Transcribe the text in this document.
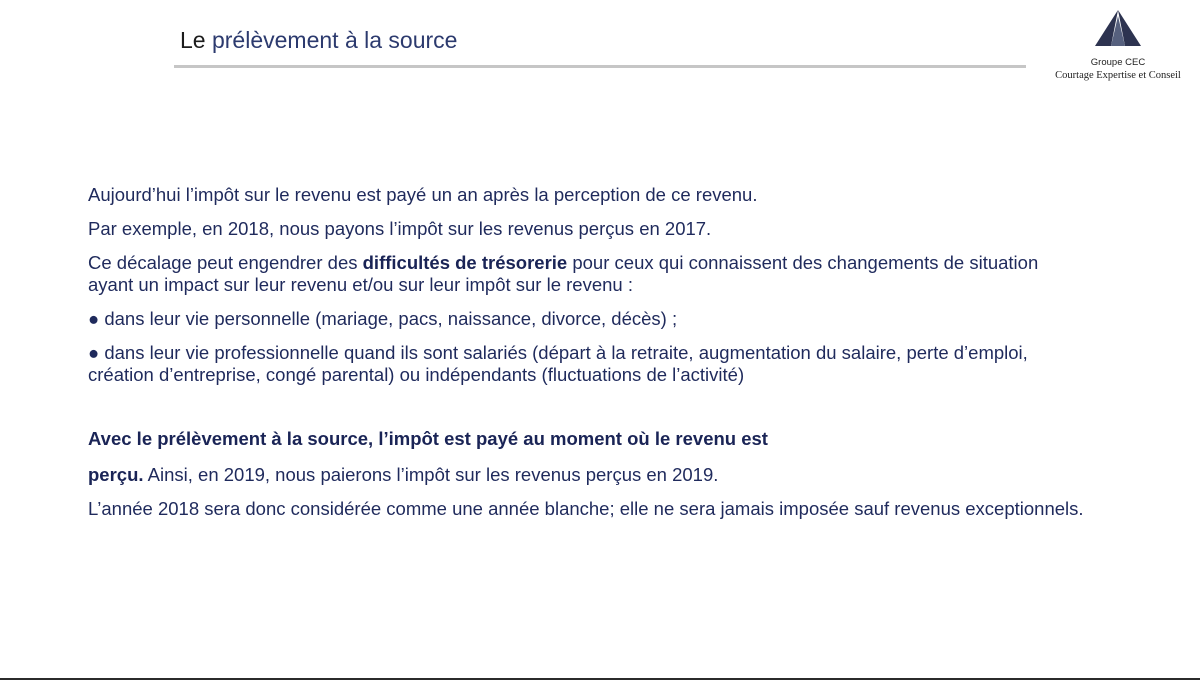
Le prélèvement à la source
Groupe CEC
Courtage Expertise et Conseil

Aujourd’hui l’impôt sur le revenu est payé un an après la perception de ce revenu.

Par exemple, en 2018, nous payons l’impôt sur les revenus perçus en 2017.

Ce décalage peut engendrer des difficultés de trésorerie pour ceux qui connaissent des changements de situation ayant un impact sur leur revenu et/ou sur leur impôt sur le revenu :

● dans leur vie personnelle (mariage, pacs, naissance, divorce, décès) ;

● dans leur vie professionnelle quand ils sont salariés (départ à la retraite, augmentation du salaire, perte d’emploi, création d’entreprise, congé parental) ou indépendants (fluctuations de l’activité)

Avec le prélèvement à la source, l’impôt est payé au moment où le revenu est

perçu. Ainsi, en 2019, nous paierons l’impôt sur les revenus perçus en 2019.

L’année 2018 sera donc considérée comme une année blanche; elle ne sera jamais imposée sauf revenus exceptionnels.
